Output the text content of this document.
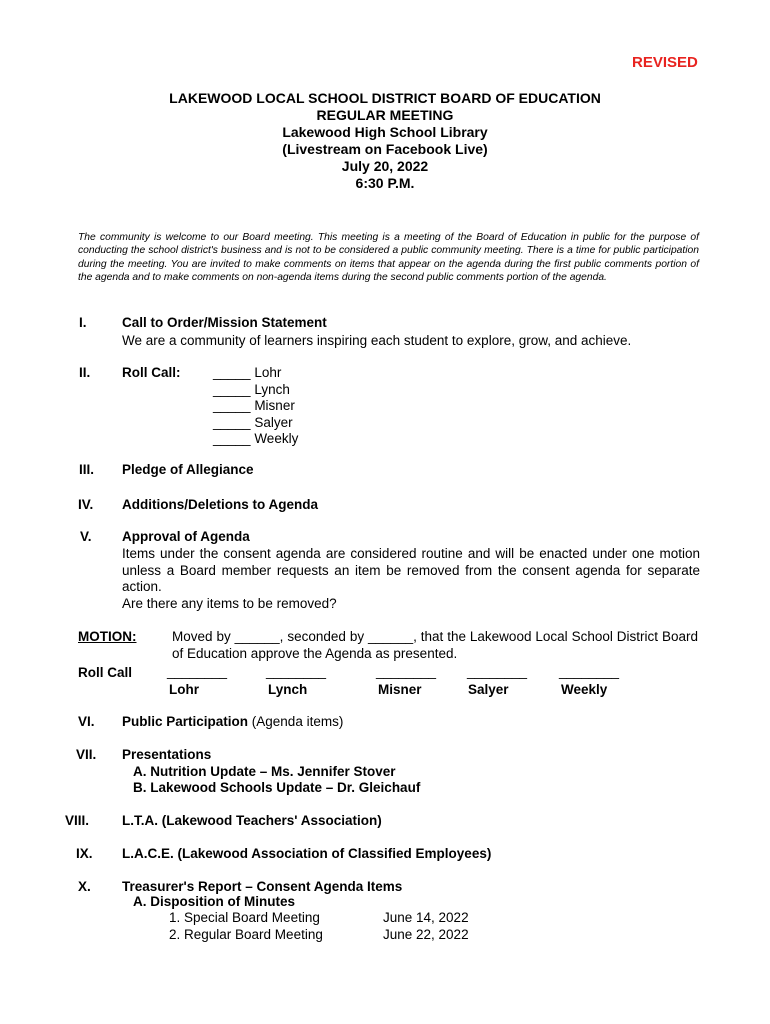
REVISED
LAKEWOOD LOCAL SCHOOL DISTRICT BOARD OF EDUCATION
REGULAR MEETING
Lakewood High School Library
(Livestream on Facebook Live)
July 20, 2022
6:30 P.M.
The community is welcome to our Board meeting. This meeting is a meeting of the Board of Education in public for the purpose of conducting the school district's business and is not to be considered a public community meeting. There is a time for public participation during the meeting. You are invited to make comments on items that appear on the agenda during the first public comments portion of the agenda and to make comments on non-agenda items during the second public comments portion of the agenda.
I.	Call to Order/Mission Statement
We are a community of learners inspiring each student to explore, grow, and achieve.
II. Roll Call: _____ Lohr
_____ Lynch
_____ Misner
_____ Salyer
_____ Weekly
III. Pledge of Allegiance
IV. Additions/Deletions to Agenda
V. Approval of Agenda
Items under the consent agenda are considered routine and will be enacted under one motion unless a Board member requests an item be removed from the consent agenda for separate action.
Are there any items to be removed?
MOTION:	Moved by ______, seconded by ______, that the Lakewood Local School District Board of Education approve the Agenda as presented.
Roll Call	________	________	________ ________ ________
Lohr	Lynch	Misner	Salyer	Weekly
VI. Public Participation (Agenda items)
VII. Presentations
A. Nutrition Update – Ms. Jennifer Stover
B. Lakewood Schools Update – Dr. Gleichauf
VIII. L.T.A. (Lakewood Teachers' Association)
IX. L.A.C.E. (Lakewood Association of Classified Employees)
X. Treasurer's Report – Consent Agenda Items
A. Disposition of Minutes
1. Special Board Meeting	June 14, 2022
2. Regular Board Meeting	June 22, 2022
